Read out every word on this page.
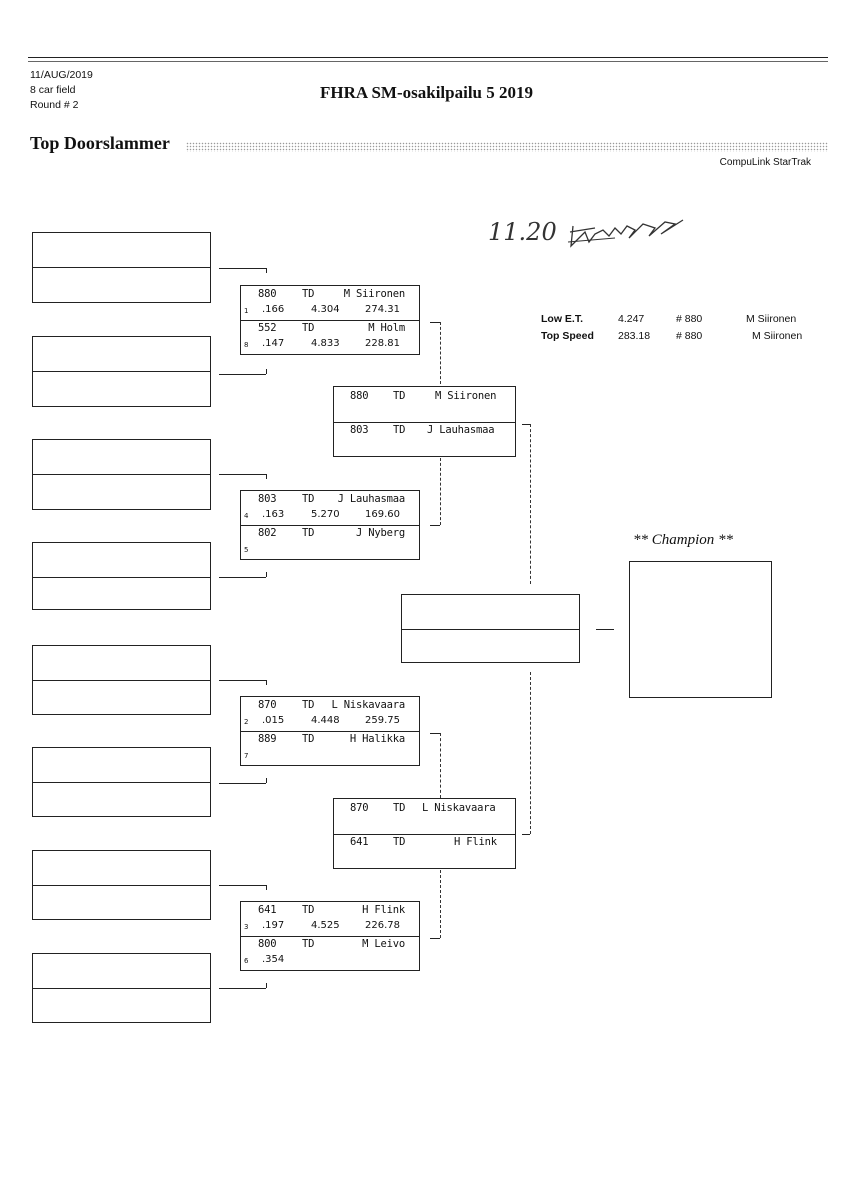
11/AUG/2019
8 car field
Round # 2
FHRA SM-osakilpailu 5 2019
Top Doorslammer
CompuLink StarTrak
11.20
Low E.T.	4.247	# 880	M Siironen
Top Speed 283.18 # 880	M Siironen
880 TD	M Siironen
1 .166	4.304	274.31
552 TD	M Holm
8 .147	4.833	228.81
803 TD J Lauhasmaa
4 .163	5.270	169.60
802 TD	J Nyberg
5
870 TD L Niskavaara
2 .015	4.448	259.75
889 TD	H Halikka
7
641 TD	H Flink
3 .197	4.525	226.78
800 TD	M Leivo
6 .354
880 TD	M Siironen
803 TD J Lauhasmaa
870 TD L Niskavaara
641 TD	H Flink
** Champion **
